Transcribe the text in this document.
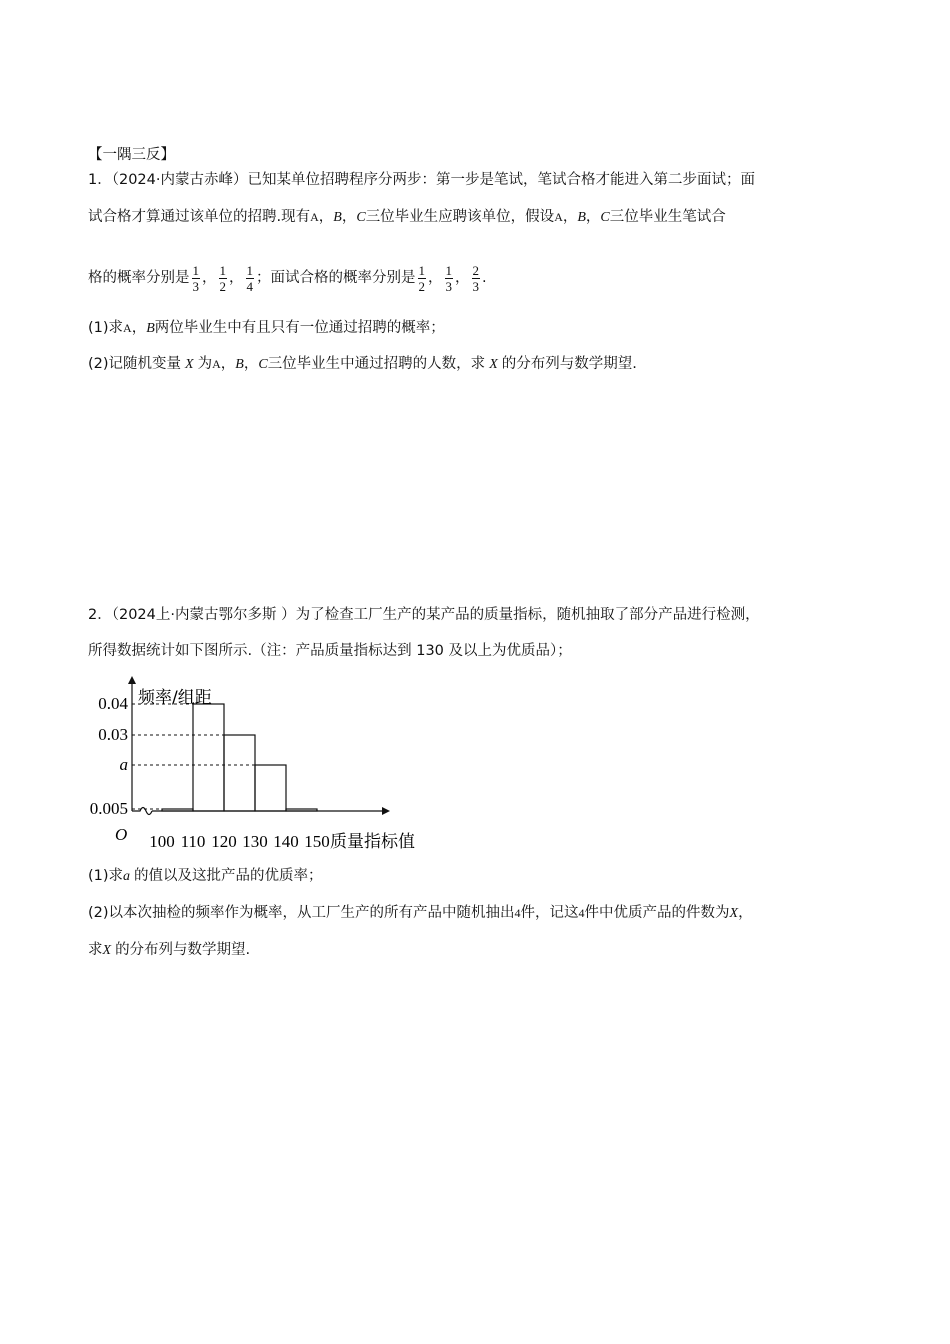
【一隅三反】
1．（2024·内蒙古赤峰）已知某单位招聘程序分两步：第一步是笔试，笔试合格才能进入第二步面试；面
试合格才算通过该单位的招聘.现有A，B，C三位毕业生应聘该单位，假设A，B，C三位毕业生笔试合
格的概率分别是 $\frac{1}{3}$ ， $\frac{1}{2}$ ， $\frac{1}{4}$ ；面试合格的概率分别是 $\frac{1}{2}$ ， $\frac{1}{3}$ ， $\frac{2}{3}$ .
(1)求A，B两位毕业生中有且只有一位通过招聘的概率；
(2)记随机变量 X 为A，B，C三位毕业生中通过招聘的人数，求 X 的分布列与数学期望.
2．（2024上·内蒙古鄂尔多斯 ）为了检查工厂生产的某产品的质量指标，随机抽取了部分产品进行检测，
所得数据统计如下图所示.（注：产品质量指标达到 130 及以上为优质品）；
0.04
0.03
a
0.005
100 110 120 130 140 150
频率/组距
质量指标值
O
(1)求a 的值以及这批产品的优质率；
(2)以本次抽检的频率作为概率，从工厂生产的所有产品中随机抽出4件，记这4件中优质产品的件数为X，
求X 的分布列与数学期望.
